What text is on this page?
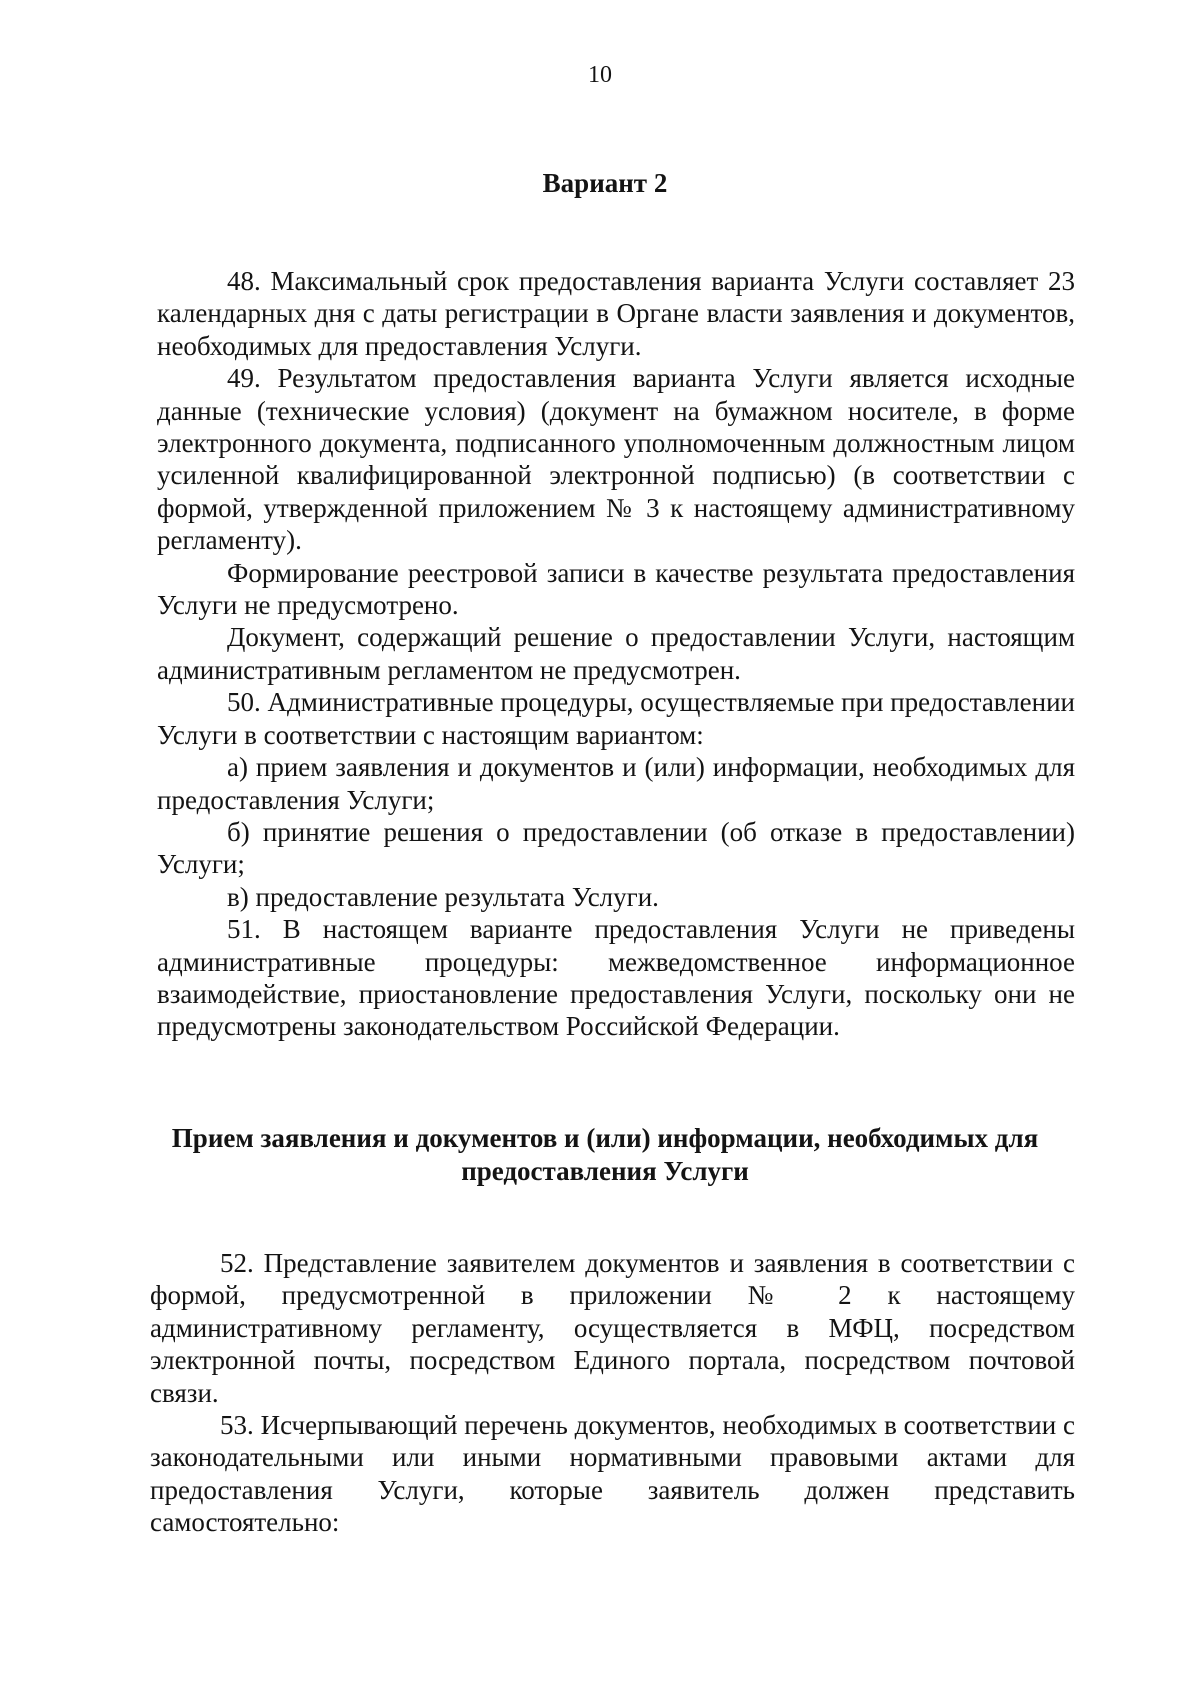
10
Вариант 2

48. Максимальный срок предоставления варианта Услуги составляет 23 календарных дня с даты регистрации в Органе власти заявления и документов, необходимых для предоставления Услуги.

49. Результатом предоставления варианта Услуги является исходные данные (технические условия) (документ на бумажном носителе, в форме электронного документа, подписанного уполномоченным должностным лицом усиленной квалифицированной электронной подписью) (в соответствии с формой, утвержденной приложением № 3 к настоящему административному регламенту).

Формирование реестровой записи в качестве результата предоставления Услуги не предусмотрено.

Документ, содержащий решение о предоставлении Услуги, настоящим административным регламентом не предусмотрен.

50. Административные процедуры, осуществляемые при предоставлении Услуги в соответствии с настоящим вариантом:

а) прием заявления и документов и (или) информации, необходимых для предоставления Услуги;

б) принятие решения о предоставлении (об отказе в предоставлении) Услуги;

в) предоставление результата Услуги.

51. В настоящем варианте предоставления Услуги не приведены административные процедуры: межведомственное информационное взаимодействие, приостановление предоставления Услуги, поскольку они не предусмотрены законодательством Российской Федерации.

Прием заявления и документов и (или) информации, необходимых для предоставления Услуги

52. Представление заявителем документов и заявления в соответствии с формой, предусмотренной в приложении № 2 к настоящему административному регламенту, осуществляется в МФЦ, посредством электронной почты, посредством Единого портала, посредством почтовой связи.

53. Исчерпывающий перечень документов, необходимых в соответствии с законодательными или иными нормативными правовыми актами для предоставления Услуги, которые заявитель должен представить самостоятельно:
